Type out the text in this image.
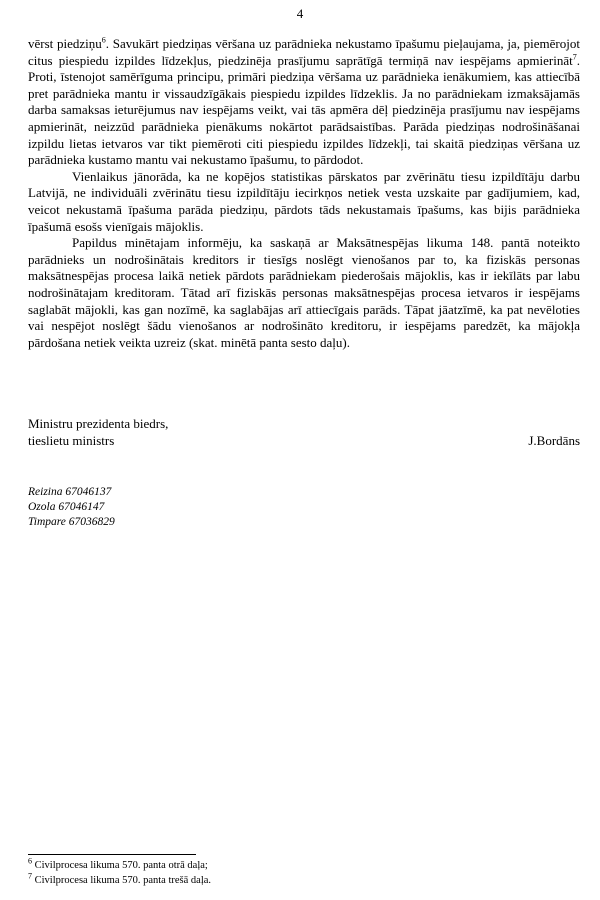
4

vērst piedziņu$^6$. Savukārt piedziņas vēršana uz parādnieka nekustamo īpašumu pieļaujama, ja, piemērojot citus piespiedu izpildes līdzekļus, piedzinēja prasījumu saprātīgā termiņā nav iespējams apmierināt$^7$. Proti, īstenojot samērīguma principu, primāri piedziņa vēršama uz parādnieka ienākumiem, kas attiecībā pret parādnieka mantu ir vissaudzīgākais piespiedu izpildes līdzeklis. Ja no parādniekam izmaksājamās darba samaksas ieturējumus nav iespējams veikt, vai tās apmēra dēļ piedzinēja prasījumu nav iespējams apmierināt, neizzūd parādnieka pienākums nokārtot parādsaistības. Parāda piedziņas nodrošināšanai izpildu lietas ietvaros var tikt piemēroti citi piespiedu izpildes līdzekļi, tai skaitā piedziņas vēršana uz parādnieka kustamo mantu vai nekustamo īpašumu, to pārdodot.

Vienlaikus jānorāda, ka ne kopējos statistikas pārskatos par zvērinātu tiesu izpildītāju darbu Latvijā, ne individuāli zvērinātu tiesu izpildītāju iecirkņos netiek vesta uzskaite par gadījumiem, kad, veicot nekustamā īpašuma parāda piedziņu, pārdots tāds nekustamais īpašums, kas bijis parādnieka īpašumā esošs vienīgais mājoklis.

Papildus minētajam informēju, ka saskaņā ar Maksātnespējas likuma 148. pantā noteikto parādnieks un nodrošinātais kreditors ir tiesīgs noslēgt vienošanos par to, ka fiziskās personas maksātnespējas procesa laikā netiek pārdots parādniekam piederošais mājoklis, kas ir iekīlāts par labu nodrošinātajam kreditoram. Tātad arī fiziskās personas maksātnespējas procesa ietvaros ir iespējams saglabāt mājokli, kas gan nozīmē, ka saglabājas arī attiecīgais parāds. Tāpat jāatzīmē, ka pat nevēloties vai nespējot noslēgt šādu vienošanos ar nodrošināto kreditoru, ir iespējams paredzēt, ka mājokļa pārdošana netiek veikta uzreiz (skat. minētā panta sesto daļu).

Ministru prezidenta biedrs,
tieslietu ministrs	J.Bordāns
Reizina 67046137
Ozola 67046147
Timpare 67036829
$^6$ Civilprocesa likuma 570. panta otrā daļa;
$^7$ Civilprocesa likuma 570. panta trešā daļa.
